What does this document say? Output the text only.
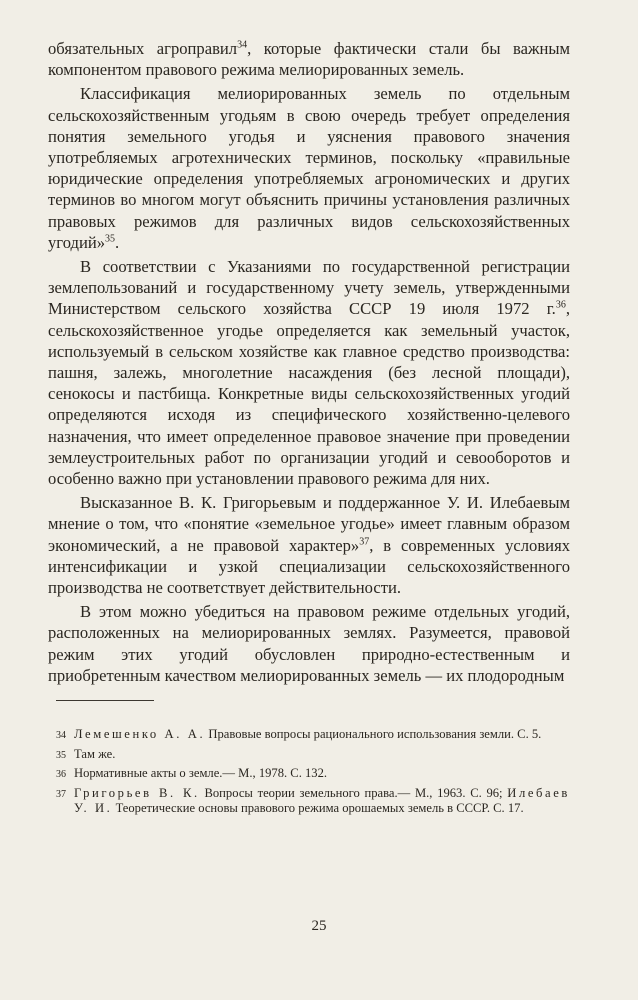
обязательных агроправил$^{34}$, которые фактически стали бы важным компонентом правового режима мелиорированных земель.

Классификация мелиорированных земель по отдельным сельскохозяйственным угодьям в свою очередь требует определения понятия земельного угодья и уяснения правового значения употребляемых агротехнических терминов, поскольку «правильные юридические определения употребляемых агрономических и других терминов во многом могут объяснить причины установления различных правовых режимов для различных видов сельскохозяйственных угодий»$^{35}$.

В соответствии с Указаниями по государственной регистрации землепользований и государственному учету земель, утвержденными Министерством сельского хозяйства СССР 19 июля 1972 г.$^{36}$, сельскохозяйственное угодье определяется как земельный участок, используемый в сельском хозяйстве как главное средство производства: пашня, залежь, многолетние насаждения (без лесной площади), сенокосы и пастбища. Конкретные виды сельскохозяйственных угодий определяются исходя из специфического хозяйственно-целевого назначения, что имеет определенное правовое значение при проведении землеустроительных работ по организации угодий и севооборотов и особенно важно при установлении правового режима для них.

Высказанное В. К. Григорьевым и поддержанное У. И. Илебаевым мнение о том, что «понятие «земельное угодье» имеет главным образом экономический, а не правовой характер»$^{37}$, в современных условиях интенсификации и узкой специализации сельскохозяйственного производства не соответствует действительности.

В этом можно убедиться на правовом режиме отдельных угодий, расположенных на мелиорированных землях. Разумеется, правовой режим этих угодий обусловлен природно-естественным и приобретенным качеством мелиорированных земель — их плодородным

34 Лемешенко А. А. Правовые вопросы рационального использования земли. С. 5.
35 Там же.
36 Нормативные акты о земле.— М., 1978. С. 132.
37 Григорьев В. К. Вопросы теории земельного права.— М., 1963. С. 96; Илебаев У. И. Теоретические основы правового режима орошаемых земель в СССР. С. 17.
25
